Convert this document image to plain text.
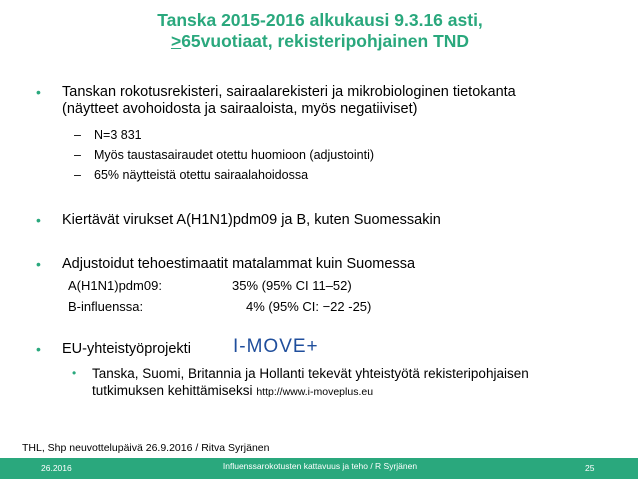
Tanska 2015-2016 alkukausi 9.3.16 asti,
>65vuotiaat, rekisteripohjainen TND
• Tanskan rokotusrekisteri, sairaalarekisteri ja mikrobiologinen tietokanta
(näytteet avohoidosta ja sairaaloista, myös negatiiviset)
– N=3 831
– Myös taustasairaudet otettu huomioon (adjustointi)
– 65% näytteistä otettu sairaalahoidossa
• Kiertävät virukset A(H1N1)pdm09 ja B, kuten Suomessakin
• Adjustoidut tehoestimaatit matalammat kuin Suomessa
A(H1N1)pdm09:	35% (95% CI 11–52)
B-influenssa:	4% (95% CI: −22 -25)
• EU-yhteistyöprojekti I-MOVE+
• Tanska, Suomi, Britannia ja Hollanti tekevät yhteistyötä rekisteripohjaisen
tutkimuksen kehittämiseksi http://www.i-moveplus.eu
THL, Shp neuvottelupäivä 26.9.2016 / Ritva Syrjänen
26.2016	Influenssarokotusten kattavuus ja teho / R Syrjänen	25
